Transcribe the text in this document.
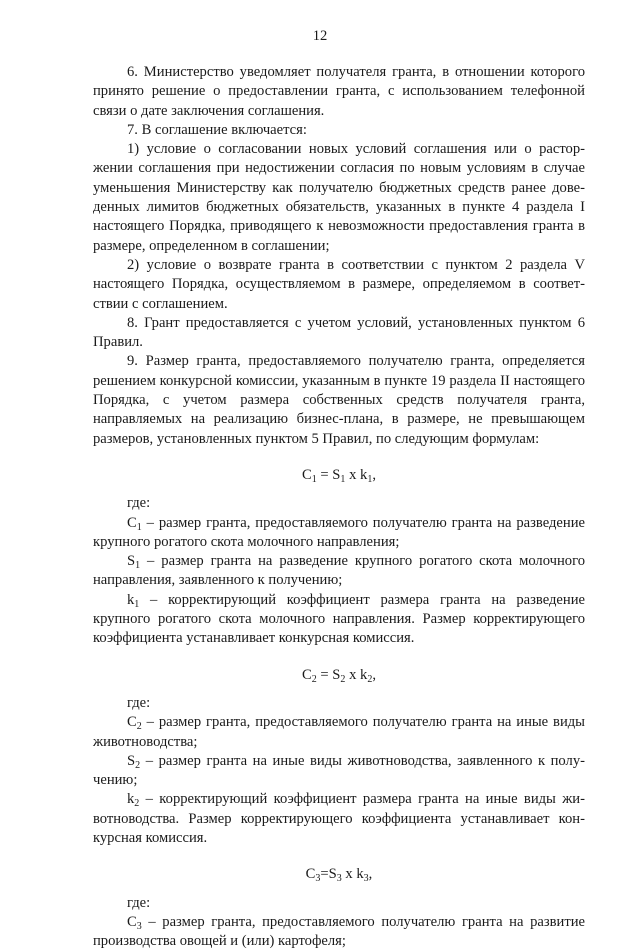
12

6. Министерство уведомляет получателя гранта, в отношении которого принято решение о предоставлении гранта, с использованием телефонной связи о дате заключения соглашения.

7. В соглашение включается:

1) условие о согласовании новых условий соглашения или о расторжении соглашения при недостижении согласия по новым условиям в случае уменьшения Министерству как получателю бюджетных средств ранее доведенных лимитов бюджетных обязательств, указанных в пункте 4 раздела I настоящего Порядка, приводящего к невозможности предоставления гранта в размере, определенном в соглашении;

2) условие о возврате гранта в соответствии с пунктом 2 раздела V настоящего Порядка, осуществляемом в размере, определяемом в соответствии с соглашением.

8. Грант предоставляется с учетом условий, установленных пунктом 6 Правил.

9. Размер гранта, предоставляемого получателю гранта, определяется решением конкурсной комиссии, указанным в пункте 19 раздела II настоящего Порядка, с учетом размера собственных средств получателя гранта, направляемых на реализацию бизнес-плана, в размере, не превышающем размеров, установленных пунктом 5 Правил, по следующим формулам:

$C_1 = S_1$ x $k_1$,

где:

$C_1$ – размер гранта, предоставляемого получателю гранта на разведение крупного рогатого скота молочного направления;

$S_1$ – размер гранта на разведение крупного рогатого скота молочного направления, заявленного к получению;

$k_1$ – корректирующий коэффициент размера гранта на разведение крупного рогатого скота молочного направления. Размер корректирующего коэффициента устанавливает конкурсная комиссия.

$C_2 = S_2$ x $k_2$,

где:

$C_2$ – размер гранта, предоставляемого получателю гранта на иные виды животноводства;

$S_2$ – размер гранта на иные виды животноводства, заявленного к получению;

$k_2$ – корректирующий коэффициент размера гранта на иные виды животноводства. Размер корректирующего коэффициента устанавливает конкурсная комиссия.

$C_3=S_3$ x $k_3$,

где:

$C_3$ – размер гранта, предоставляемого получателю гранта на развитие производства овощей и (или) картофеля;
